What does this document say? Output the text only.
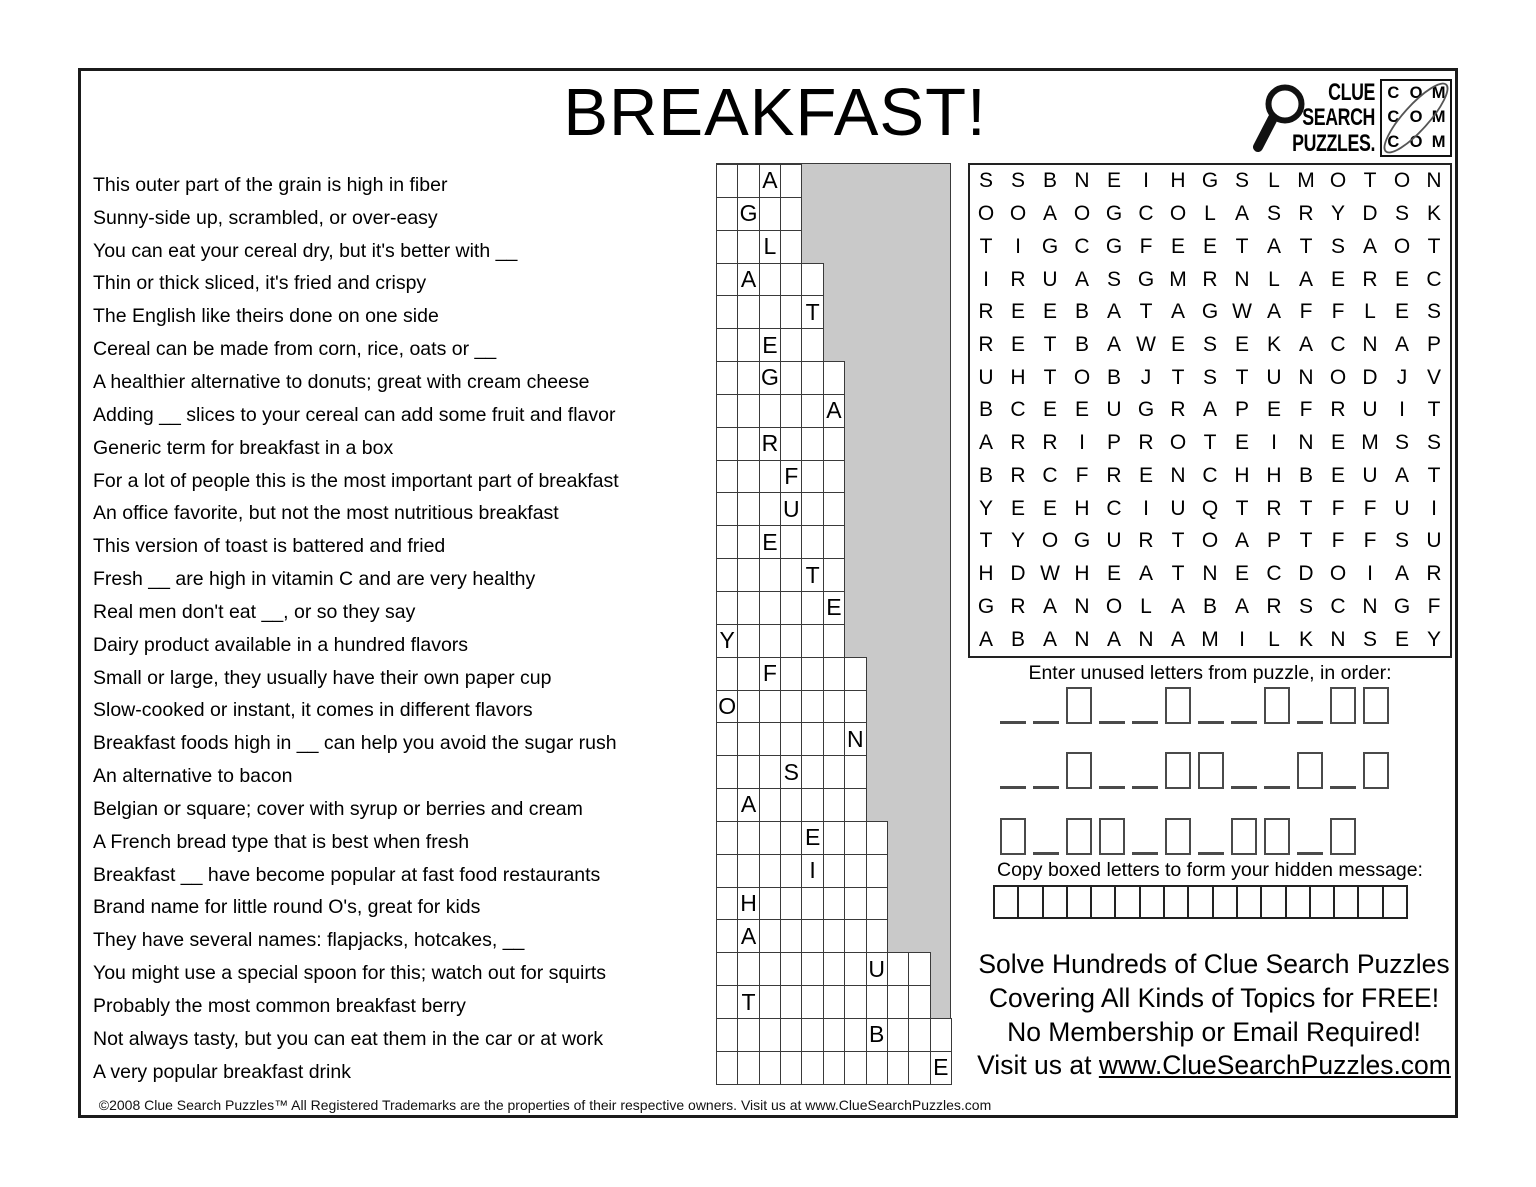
BREAKFAST!	CLUE
SEARCH
PUZZLES.
C O M
C O M
C O M
This outer part of the grain is high in fiber
Sunny-side up, scrambled, or over-easy
You can eat your cereal dry, but it's better with __
Thin or thick sliced, it's fried and crispy
The English like theirs done on one side
Cereal can be made from corn, rice, oats or __
A healthier alternative to donuts; great with cream cheese
Adding __ slices to your cereal can add some fruit and flavor
Generic term for breakfast in a box
For a lot of people this is the most important part of breakfast
An office favorite, but not the most nutritious breakfast
This version of toast is battered and fried
Fresh __ are high in vitamin C and are very healthy
Real men don't eat __, or so they say
Dairy product available in a hundred flavors
Small or large, they usually have their own paper cup
Slow-cooked or instant, it comes in different flavors
Breakfast foods high in __ can help you avoid the sugar rush
An alternative to bacon
Belgian or square; cover with syrup or berries and cream
A French bread type that is best when fresh
Breakfast __ have become popular at fast food restaurants
Brand name for little round O's, great for kids
They have several names: flapjacks, hotcakes, __
You might use a special spoon for this; watch out for squirts
Probably the most common breakfast berry
Not always tasty, but you can eat them in the car or at work
A very popular breakfast drink
A
G
L
A
T
E
G
A
R
F
U
E
T
E
Y
F
O
N
S
A
E
I
H
A
U
T
B
E
S S B N E	I	H G S L M O T O N
O O A O G C O L A S R Y D S K
T	I G C G F E E T A T S A O T
I	R U A S G M R N L A E R E C
R E E B A T A G W A F F L E S
R E T B A W E S E K A C N A P
U H T O B J T S T U N O D J V
B C E E U G R A P E F R U	I	T
A R R	I	P R O T E	I	N E M S S
B R C F R E N C H H B E U A T
Y E E H C	I	U Q T R T F F U	I
T Y O G U R T O A P T F F S U
H D W H E A T N E C D O I	A R
G R A N O L A B A R S C N G F
A B A N A N A M I	L K N S E Y
Enter unused letters from puzzle, in order:
Copy boxed letters to form your hidden message:
Solve Hundreds of Clue Search Puzzles
Covering All Kinds of Topics for FREE!
No Membership or Email Required!
Visit us at www.ClueSearchPuzzles.com
©2008 Clue Search Puzzles™ All Registered Trademarks are the properties of their respective owners. Visit us at www.ClueSearchPuzzles.com
